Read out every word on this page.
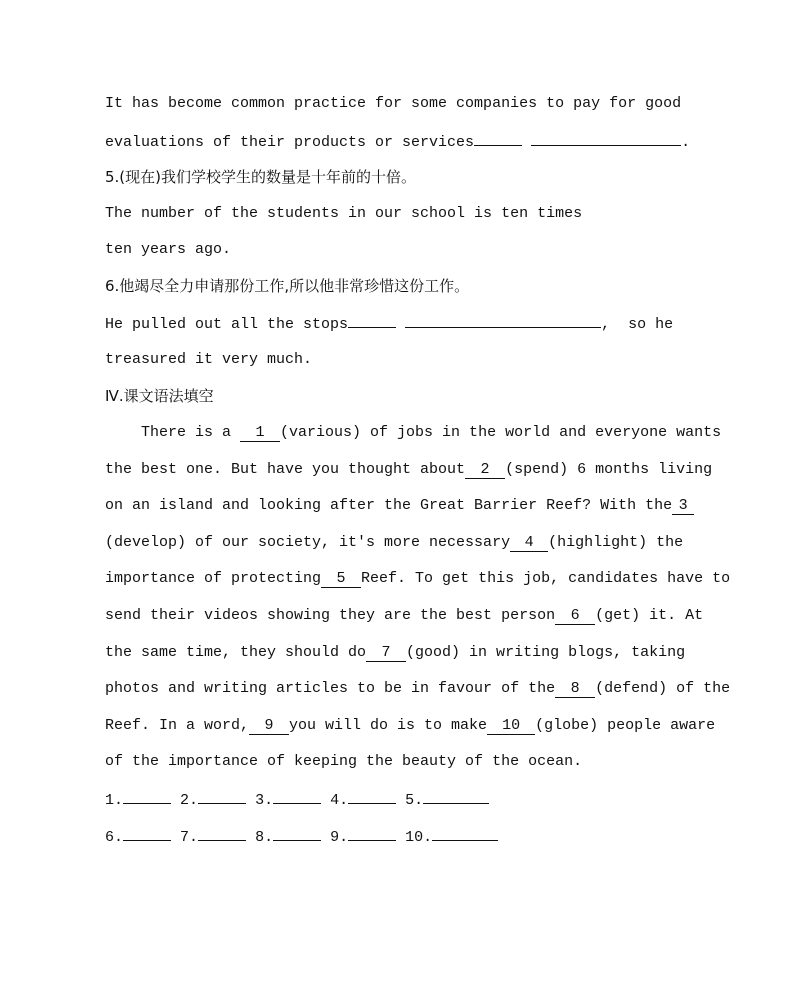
It has become common practice for some companies to pay for good
evaluations of their products or services	.
5.(现在)我们学校学生的数量是十年前的十倍。
The number of the students in our school is ten times
ten years ago.
6.他竭尽全力申请那份工作,所以他非常珍惜这份工作。
He pulled out all the stops	,  so he
treasured it very much.
Ⅳ.课文语法填空
There is a 1 (various) of jobs in the world and everyone wants
the best one. But have you thought about 2 (spend) 6 months living
on an island and looking after the Great Barrier Reef? With the 3
(develop) of our society, it's more necessary 4 (highlight) the
importance of protecting 5 Reef. To get this job, candidates have to
send their videos showing they are the best person 6 (get) it. At
the same time, they should do 7 (good) in writing blogs, taking
photos and writing articles to be in favour of the 8 (defend) of the
Reef. In a word, 9 you will do is to make 10 (globe) people aware
of the importance of keeping the beauty of the ocean.
1.	2.	3.	4.	5.
6.	7.	8.	9.	10.
